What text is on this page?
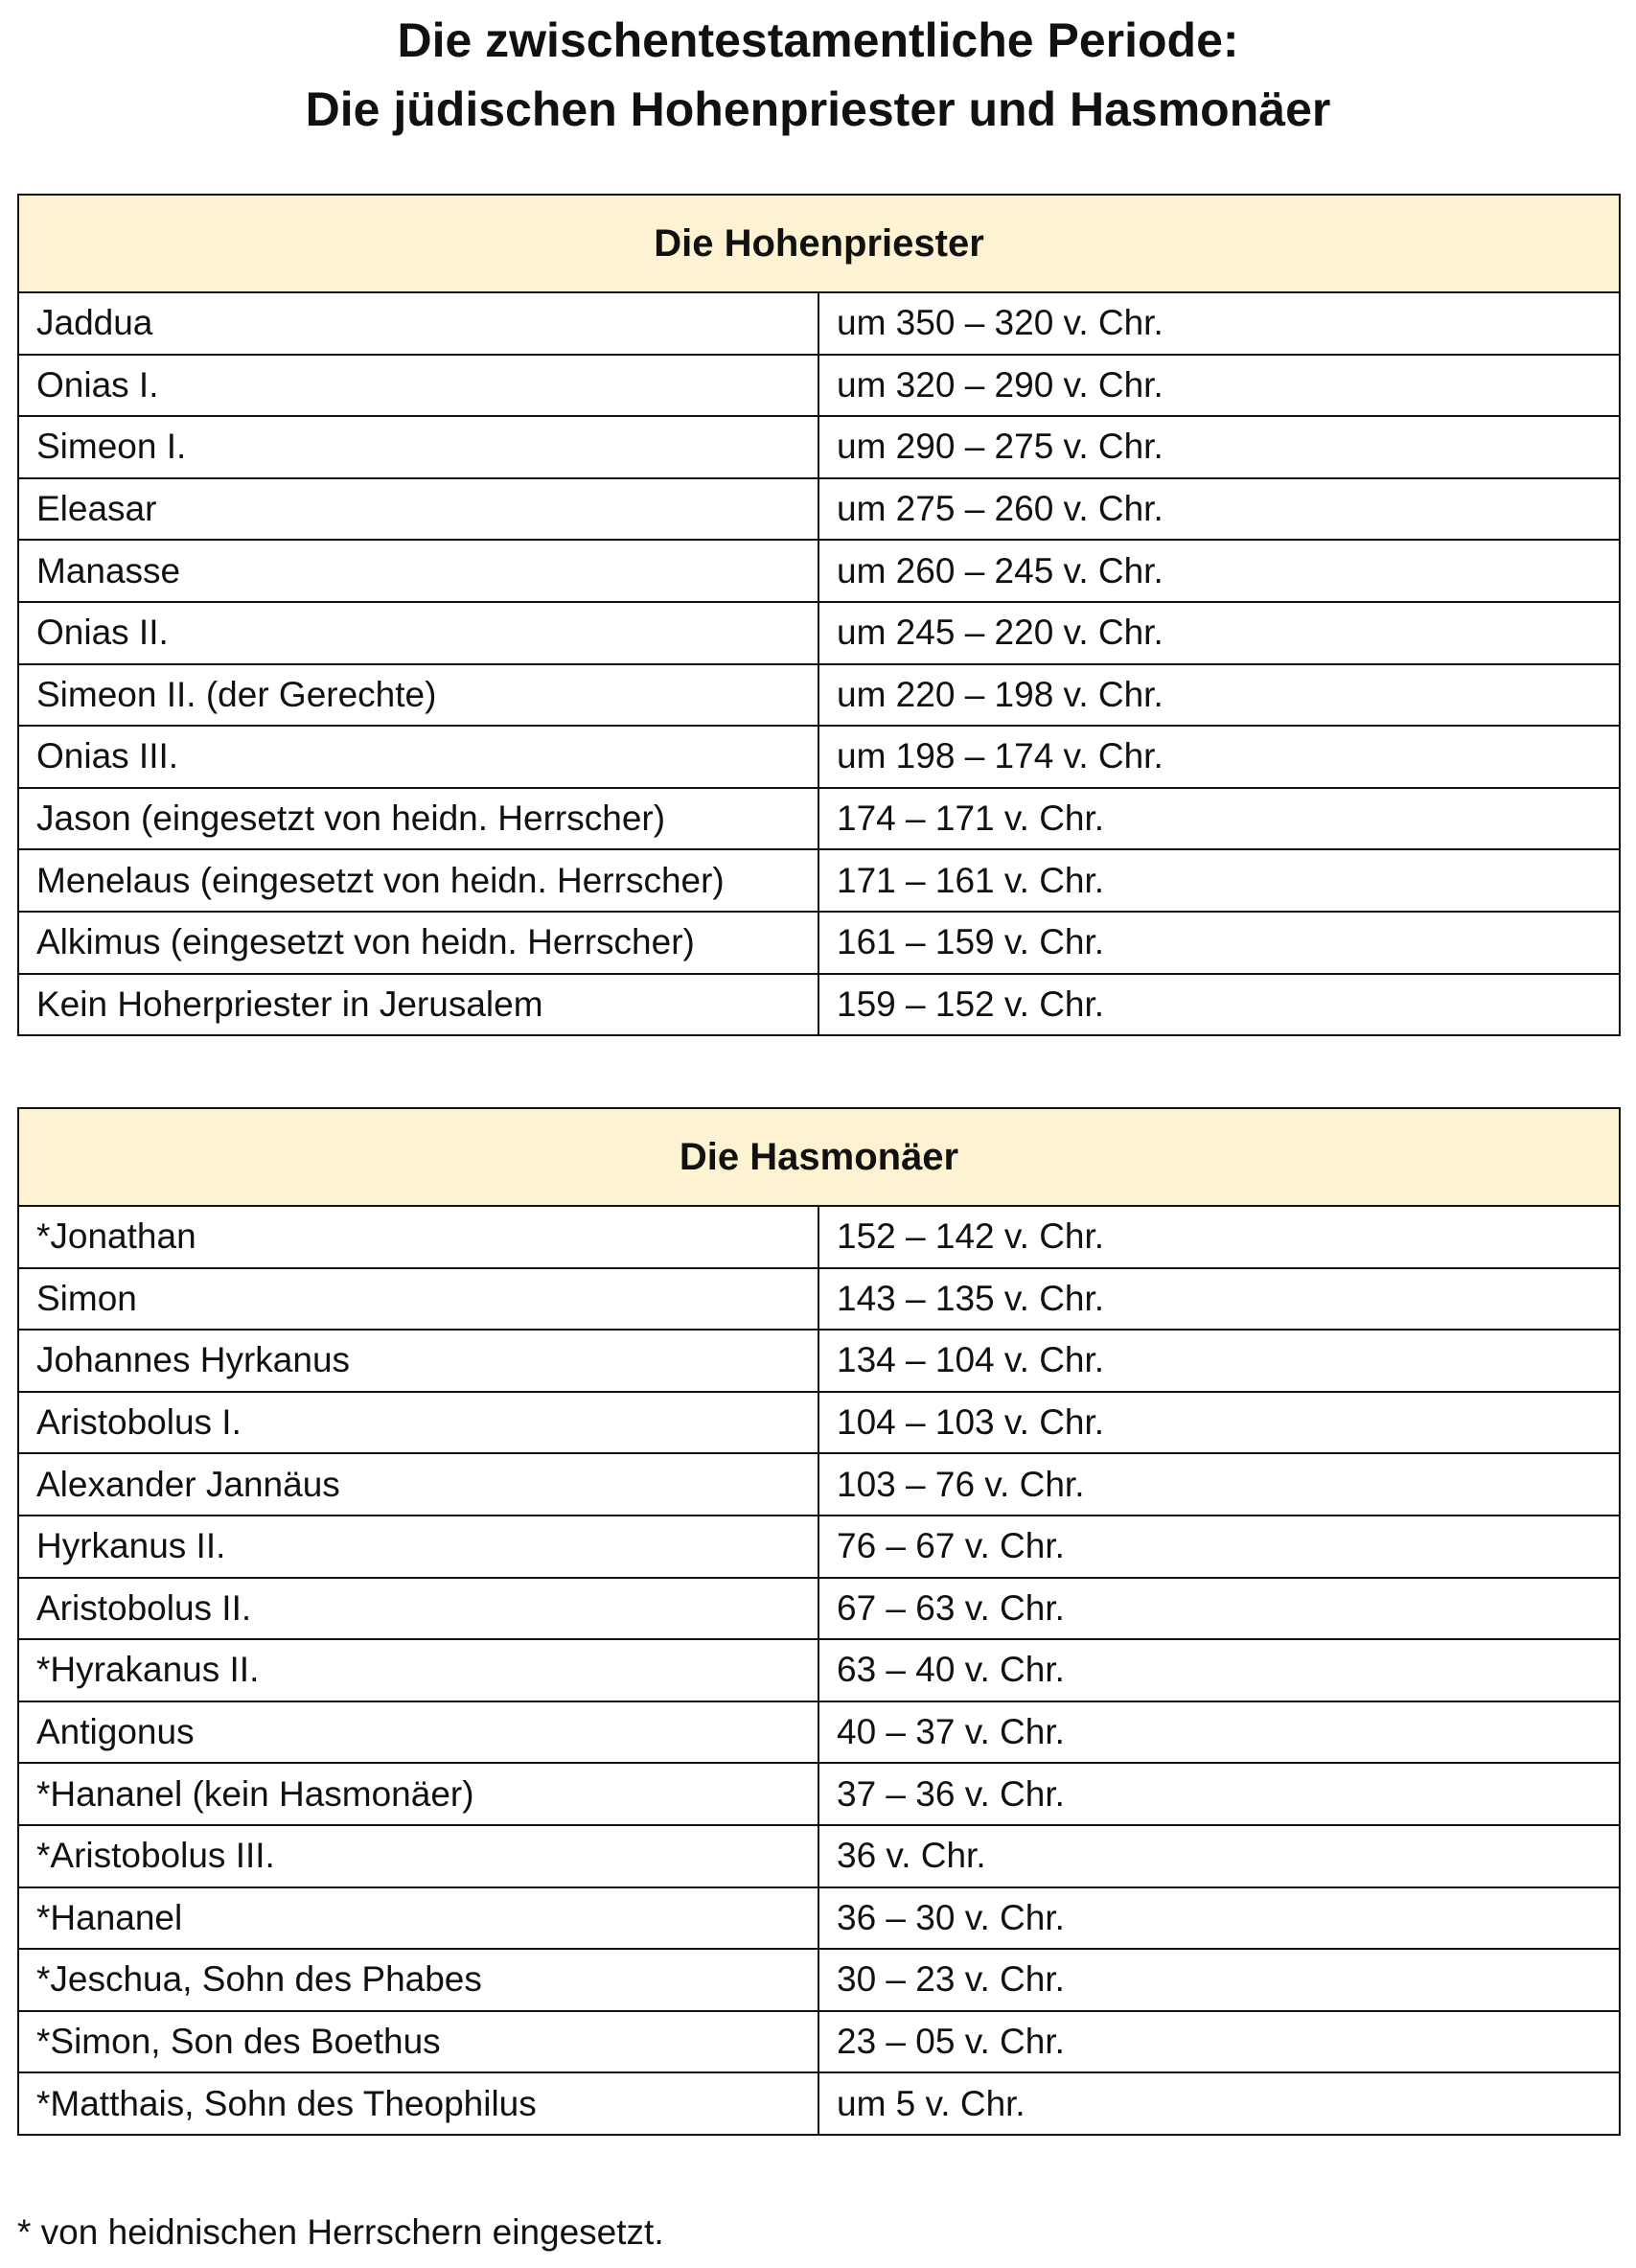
Die zwischentestamentliche Periode:
Die jüdischen Hohenpriester und Hasmonäer
Die Hohenpriester	
Jaddua	um 350 – 320 v. Chr.
Onias I.	um 320 – 290 v. Chr.
Simeon I.	um 290 – 275 v. Chr.
Eleasar	um 275 – 260 v. Chr.
Manasse	um 260 – 245 v. Chr.
Onias II.	um 245 – 220 v. Chr.
Simeon II. (der Gerechte)	um 220 – 198 v. Chr.
Onias III.	um 198 – 174 v. Chr.
Jason (eingesetzt von heidn. Herrscher)	174 – 171 v. Chr.
Menelaus (eingesetzt von heidn. Herrscher)	171 – 161 v. Chr.
Alkimus (eingesetzt von heidn. Herrscher)	161 – 159 v. Chr.
Kein Hoherpriester in Jerusalem	159 – 152 v. Chr.
Die Hasmonäer	
*Jonathan	152 – 142 v. Chr.
Simon	143 – 135 v. Chr.
Johannes Hyrkanus	134 – 104 v. Chr.
Aristobolus I.	104 – 103 v. Chr.
Alexander Jannäus	103 – 76 v. Chr.
Hyrkanus II.	76 – 67 v. Chr.
Aristobolus II.	67 – 63 v. Chr.
*Hyrakanus II.	63 – 40 v. Chr.
Antigonus	40 – 37 v. Chr.
*Hananel (kein Hasmonäer)	37 – 36 v. Chr.
*Aristobolus III.	36 v. Chr.
*Hananel	36 – 30 v. Chr.
*Jeschua, Sohn des Phabes	30 – 23 v. Chr.
*Simon, Son des Boethus	23 – 05 v. Chr.
*Matthais, Sohn des Theophilus	um 5 v. Chr.
* von heidnischen Herrschern eingesetzt.
